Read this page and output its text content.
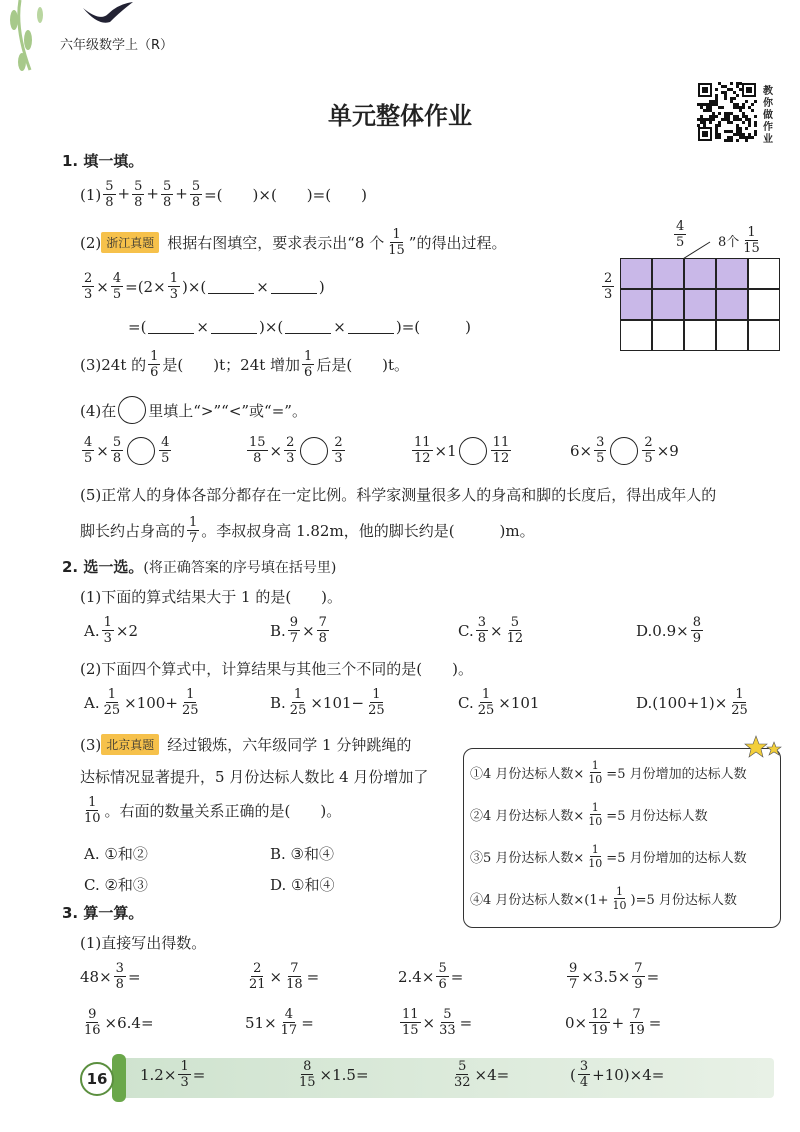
六年级数学上（R）
单元整体作业
教你做作业
1. 填一填。
$(1) \frac{5}{8} + \frac{5}{8} + \frac{5}{8} + \frac{5}{8}$ =(　　)×(　　)=(　　)
(2) 浙江真题 根据右图填空，要求表示出“8 个 $\frac{1}{15}$ ”的得出过程。
$\frac{2}{3} \times \frac{4}{5} =(2\times \frac{1}{3}$ )×(	×	)
=(	×	)×(	×	)=( 　　　)
(3)24t 的 $\frac{1}{6}$ 是(　　)t；24t 增加 $\frac{1}{6}$ 后是(　　)t。
(4)在 里填上“>”“<”或“=”。
$\frac{4}{5} \times \frac{5}{8}$	$\frac{4}{5}$	$\frac{15}{8} \times \frac{2}{3}$	$\frac{2}{3}$	$\frac{11}{12} \times 1$	$\frac{11}{12}$	$6\times \frac{3}{5}$	$\frac{2}{5} \times 9$
(5)正常人的身体各部分都存在一定比例。科学家测量很多人的身高和脚的长度后，得出成年人的
脚长约占身高的 $\frac{1}{7}$ 。李叔叔身高 1.82m，他的脚长约是(　　　)m。
$\frac{4}{5} 8$个 $\frac{1}{15}$
$\frac{2}{3}$
2. 选一选。 (将正确答案的序号填在括号里)
(1)下面的算式结果大于 1 的是(　　)。
A. $\frac{1}{3} \times 2$	B. $\frac{9}{7} \times \frac{7}{8}$	C. $\frac{3}{8} \times \frac{5}{12}$	D. $0.9\times \frac{8}{9}$
(2)下面四个算式中，计算结果与其他三个不同的是(　　)。
A. $\frac{1}{25} \times 100+ \frac{1}{25}$	B. $\frac{1}{25} \times 101- \frac{1}{25}$	C. $\frac{1}{25} \times 101$	D. $(100+1)\times \frac{1}{25}$
(3) 北京真题 经过锻炼，六年级同学 1 分钟跳绳的
达标情况显著提升，5 月份达标人数比 4 月份增加了
$\frac{1}{10}$ 。右面的数量关系正确的是(　　)。
A. ①和②	B. ③和④
C. ②和③	D. ①和④
①4 月份达标人数× $\frac{1}{10} =5$ 月份增加的达标人数
②4 月份达标人数× $\frac{1}{10} =5$ 月份达标人数
③5 月份达标人数× $\frac{1}{10} =5$ 月份增加的达标人数
④4 月份达标人数$\times(1+ \frac{1}{10} )=5$ 月份达标人数
3. 算一算。
(1)直接写出得数。
$48\times \frac{3}{8}$ =	$\frac{2}{21} \times \frac{7}{18}$ =	$2.4\times \frac{5}{6}$ =	$\frac{9}{7} \times 3.5\times \frac{7}{9}$ =
$\frac{9}{16} \times 6.4=$	$51\times \frac{4}{17}$ =	$\frac{11}{15} \times \frac{5}{33}$ =	$0\times \frac{12}{19} + \frac{7}{19}$ =
16	$1.2\times \frac{1}{3}$ =	$\frac{8}{15} \times 1.5=$	$\frac{5}{32} \times 4=$	( $\frac{3}{4} +10)\times 4=$
